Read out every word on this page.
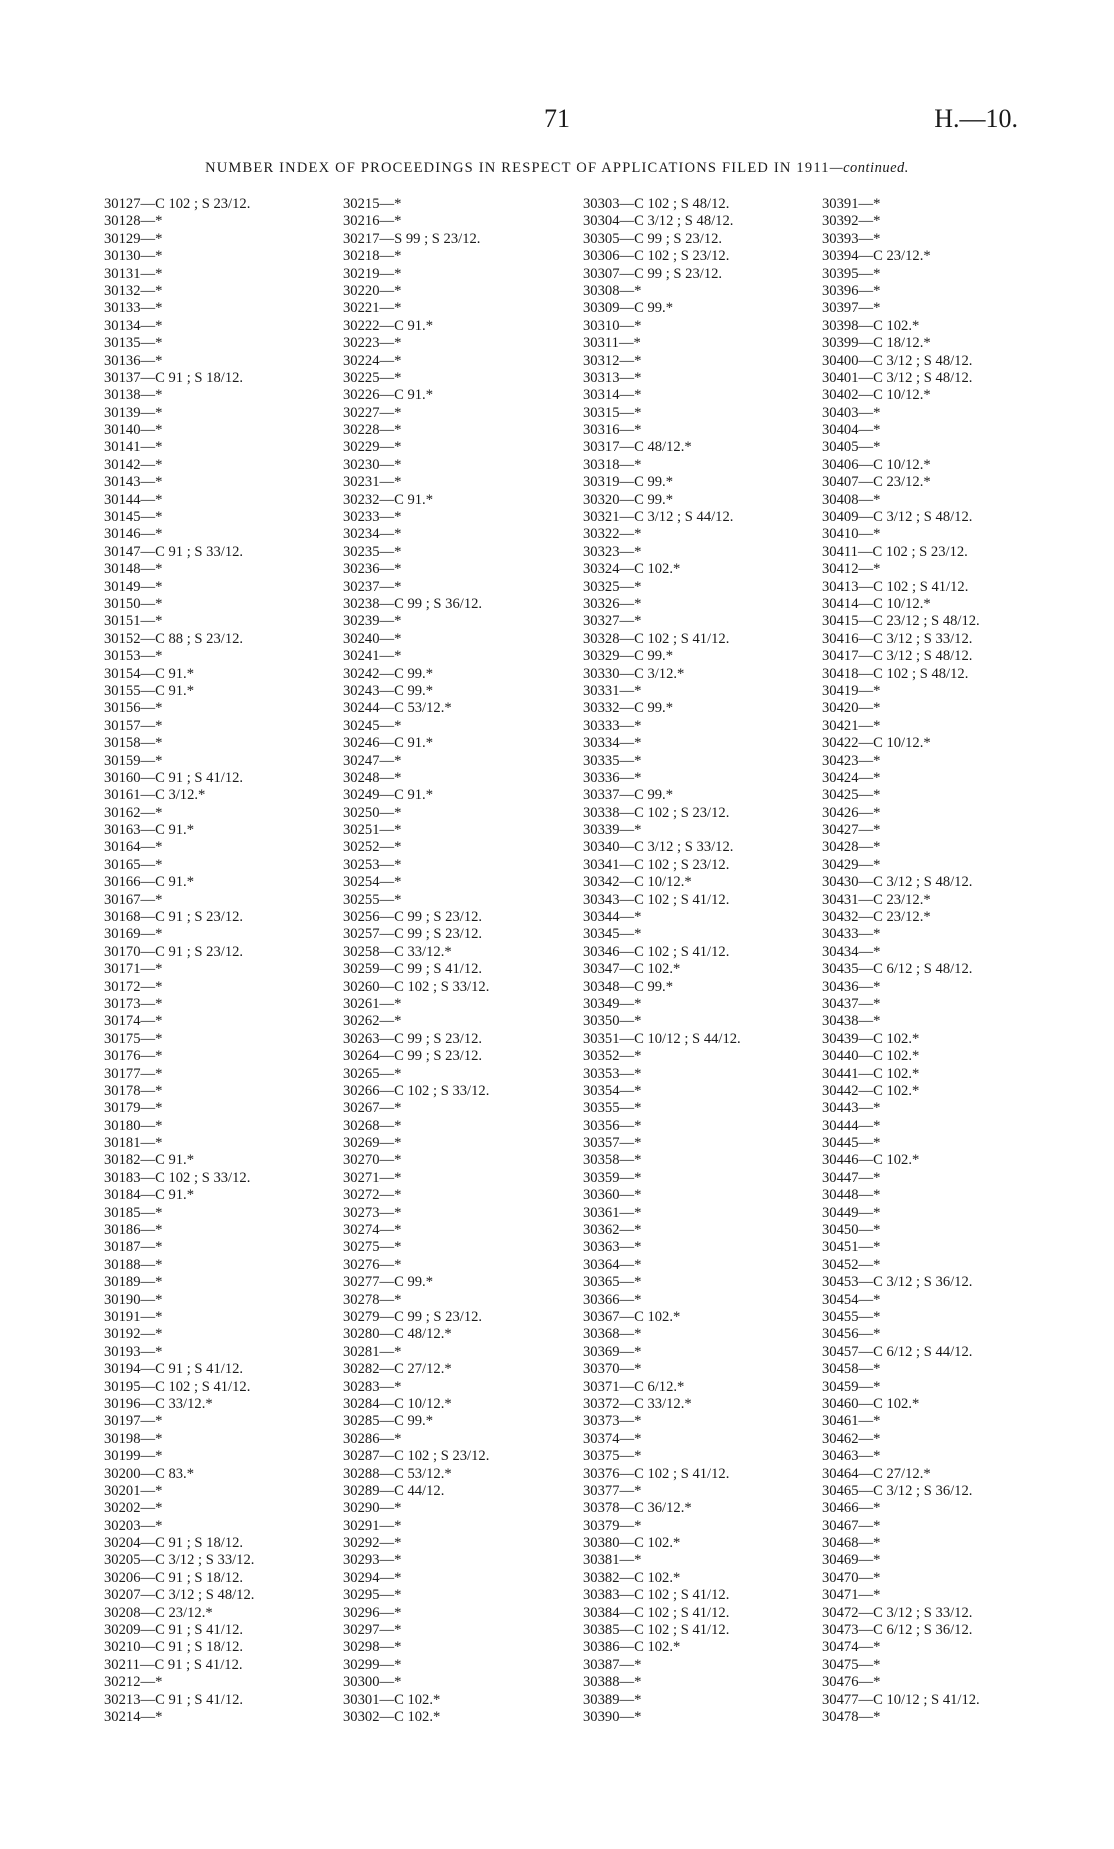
71	H.—10.
NUMBER INDEX OF PROCEEDINGS IN RESPECT OF APPLICATIONS FILED IN 1911—continued.
30127—C 102 ; S 23/12.
30128—*
30129—*
30130—*
30131—*
30132—*
30133—*
30134—*
30135—*
30136—*
30137—C 91 ; S 18/12.
30138—*
30139—*
30140—*
30141—*
30142—*
30143—*
30144—*
30145—*
30146—*
30147—C 91 ; S 33/12.
30148—*
30149—*
30150—*
30151—*
30152—C 88 ; S 23/12.
30153—*
30154—C 91.*
30155—C 91.*
30156—*
30157—*
30158—*
30159—*
30160—C 91 ; S 41/12.
30161—C 3/12.*
30162—*
30163—C 91.*
30164—*
30165—*
30166—C 91.*
30167—*
30168—C 91 ; S 23/12.
30169—*
30170—C 91 ; S 23/12.
30171—*
30172—*
30173—*
30174—*
30175—*
30176—*
30177—*
30178—*
30179—*
30180—*
30181—*
30182—C 91.*
30183—C 102 ; S 33/12.
30184—C 91.*
30185—*
30186—*
30187—*
30188—*
30189—*
30190—*
30191—*
30192—*
30193—*
30194—C 91 ; S 41/12.
30195—C 102 ; S 41/12.
30196—C 33/12.*
30197—*
30198—*
30199—*
30200—C 83.*
30201—*
30202—*
30203—*
30204—C 91 ; S 18/12.
30205—C 3/12 ; S 33/12.
30206—C 91 ; S 18/12.
30207—C 3/12 ; S 48/12.
30208—C 23/12.*
30209—C 91 ; S 41/12.
30210—C 91 ; S 18/12.
30211—C 91 ; S 41/12.
30212—*
30213—C 91 ; S 41/12.
30214—*
30215—*
30216—*
30217—S 99 ; S 23/12.
30218—*
30219—*
30220—*
30221—*
30222—C 91.*
30223—*
30224—*
30225—*
30226—C 91.*
30227—*
30228—*
30229—*
30230—*
30231—*
30232—C 91.*
30233—*
30234—*
30235—*
30236—*
30237—*
30238—C 99 ; S 36/12.
30239—*
30240—*
30241—*
30242—C 99.*
30243—C 99.*
30244—C 53/12.*
30245—*
30246—C 91.*
30247—*
30248—*
30249—C 91.*
30250—*
30251—*
30252—*
30253—*
30254—*
30255—*
30256—C 99 ; S 23/12.
30257—C 99 ; S 23/12.
30258—C 33/12.*
30259—C 99 ; S 41/12.
30260—C 102 ; S 33/12.
30261—*
30262—*
30263—C 99 ; S 23/12.
30264—C 99 ; S 23/12.
30265—*
30266—C 102 ; S 33/12.
30267—*
30268—*
30269—*
30270—*
30271—*
30272—*
30273—*
30274—*
30275—*
30276—*
30277—C 99.*
30278—*
30279—C 99 ; S 23/12.
30280—C 48/12.*
30281—*
30282—C 27/12.*
30283—*
30284—C 10/12.*
30285—C 99.*
30286—*
30287—C 102 ; S 23/12.
30288—C 53/12.*
30289—C 44/12.
30290—*
30291—*
30292—*
30293—*
30294—*
30295—*
30296—*
30297—*
30298—*
30299—*
30300—*
30301—C 102.*
30302—C 102.*
30303—C 102 ; S 48/12.
30304—C 3/12 ; S 48/12.
30305—C 99 ; S 23/12.
30306—C 102 ; S 23/12.
30307—C 99 ; S 23/12.
30308—*
30309—C 99.*
30310—*
30311—*
30312—*
30313—*
30314—*
30315—*
30316—*
30317—C 48/12.*
30318—*
30319—C 99.*
30320—C 99.*
30321—C 3/12 ; S 44/12.
30322—*
30323—*
30324—C 102.*
30325—*
30326—*
30327—*
30328—C 102 ; S 41/12.
30329—C 99.*
30330—C 3/12.*
30331—*
30332—C 99.*
30333—*
30334—*
30335—*
30336—*
30337—C 99.*
30338—C 102 ; S 23/12.
30339—*
30340—C 3/12 ; S 33/12.
30341—C 102 ; S 23/12.
30342—C 10/12.*
30343—C 102 ; S 41/12.
30344—*
30345—*
30346—C 102 ; S 41/12.
30347—C 102.*
30348—C 99.*
30349—*
30350—*
30351—C 10/12 ; S 44/12.
30352—*
30353—*
30354—*
30355—*
30356—*
30357—*
30358—*
30359—*
30360—*
30361—*
30362—*
30363—*
30364—*
30365—*
30366—*
30367—C 102.*
30368—*
30369—*
30370—*
30371—C 6/12.*
30372—C 33/12.*
30373—*
30374—*
30375—*
30376—C 102 ; S 41/12.
30377—*
30378—C 36/12.*
30379—*
30380—C 102.*
30381—*
30382—C 102.*
30383—C 102 ; S 41/12.
30384—C 102 ; S 41/12.
30385—C 102 ; S 41/12.
30386—C 102.*
30387—*
30388—*
30389—*
30390—*
30391—*
30392—*
30393—*
30394—C 23/12.*
30395—*
30396—*
30397—*
30398—C 102.*
30399—C 18/12.*
30400—C 3/12 ; S 48/12.
30401—C 3/12 ; S 48/12.
30402—C 10/12.*
30403—*
30404—*
30405—*
30406—C 10/12.*
30407—C 23/12.*
30408—*
30409—C 3/12 ; S 48/12.
30410—*
30411—C 102 ; S 23/12.
30412—*
30413—C 102 ; S 41/12.
30414—C 10/12.*
30415—C 23/12 ; S 48/12.
30416—C 3/12 ; S 33/12.
30417—C 3/12 ; S 48/12.
30418—C 102 ; S 48/12.
30419—*
30420—*
30421—*
30422—C 10/12.*
30423—*
30424—*
30425—*
30426—*
30427—*
30428—*
30429—*
30430—C 3/12 ; S 48/12.
30431—C 23/12.*
30432—C 23/12.*
30433—*
30434—*
30435—C 6/12 ; S 48/12.
30436—*
30437—*
30438—*
30439—C 102.*
30440—C 102.*
30441—C 102.*
30442—C 102.*
30443—*
30444—*
30445—*
30446—C 102.*
30447—*
30448—*
30449—*
30450—*
30451—*
30452—*
30453—C 3/12 ; S 36/12.
30454—*
30455—*
30456—*
30457—C 6/12 ; S 44/12.
30458—*
30459—*
30460—C 102.*
30461—*
30462—*
30463—*
30464—C 27/12.*
30465—C 3/12 ; S 36/12.
30466—*
30467—*
30468—*
30469—*
30470—*
30471—*
30472—C 3/12 ; S 33/12.
30473—C 6/12 ; S 36/12.
30474—*
30475—*
30476—*
30477—C 10/12 ; S 41/12.
30478—*
